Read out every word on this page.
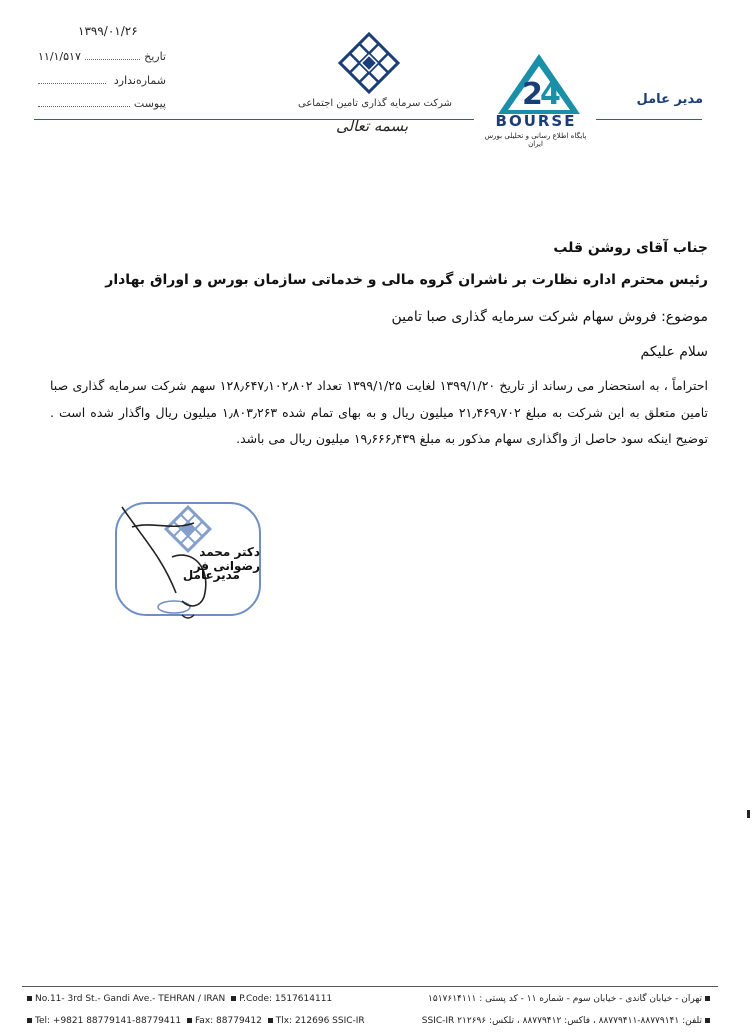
۱۳۹۹/۰۱/۲۶
۱۱/۱/۵۱۷	تاریخ
ندارد شماره
پیوست	شرکت سرمایه گذاری تامین اجتماعی
بسمه تعالی
2
4
BOURSE
پایگاه اطلاع رسانی و تحلیلی بورس ایران
مدیر عامل
جناب آقای روشن قلب
رئیس محترم اداره نظارت بر ناشران گروه مالی و خدماتی سازمان بورس و اوراق بهادار
موضوع: فروش سهام شرکت سرمایه گذاری صبا تامین
سلام علیکم
احتراماً ، به استحضار می رساند از تاریخ ۱۳۹۹/۱/۲۰ لغایت ۱۳۹۹/۱/۲۵ تعداد ۱۲۸٫۶۴۷٫۱۰۲٫۸۰۲ سهم شرکت سرمایه گذاری صبا تامین متعلق به این شرکت به مبلغ ۲۱٫۴۶۹٫۷۰۲ میلیون ریال و به بهای تمام شده ۱٫۸۰۳٫۲۶۳ میلیون ریال واگذار شده است . توضیح اینکه سود حاصل از واگذاری سهام مذکور به مبلغ ۱۹٫۶۶۶٫۴۳۹ میلیون ریال می باشد.
دکتر محمد رضوانی فر
مدیرعامل
No.11- 3rd St.- Gandi Ave.- TEHRAN / IRAN P.Code: 1517614111
Tel: +9821 88779141-88779411 Fax: 88779412 Tlx: 212696 SSIC-IR
تهران - خیابان گاندی - خیابان سوم - شماره ۱۱ - کد پستی : ۱۵۱۷۶۱۴۱۱۱
تلفن: ۸۸۷۷۹۱۴۱-۸۸۷۷۹۴۱۱ ، فاکس: ۸۸۷۷۹۴۱۲ ، تلکس: SSIC-IR ۲۱۲۶۹۶
